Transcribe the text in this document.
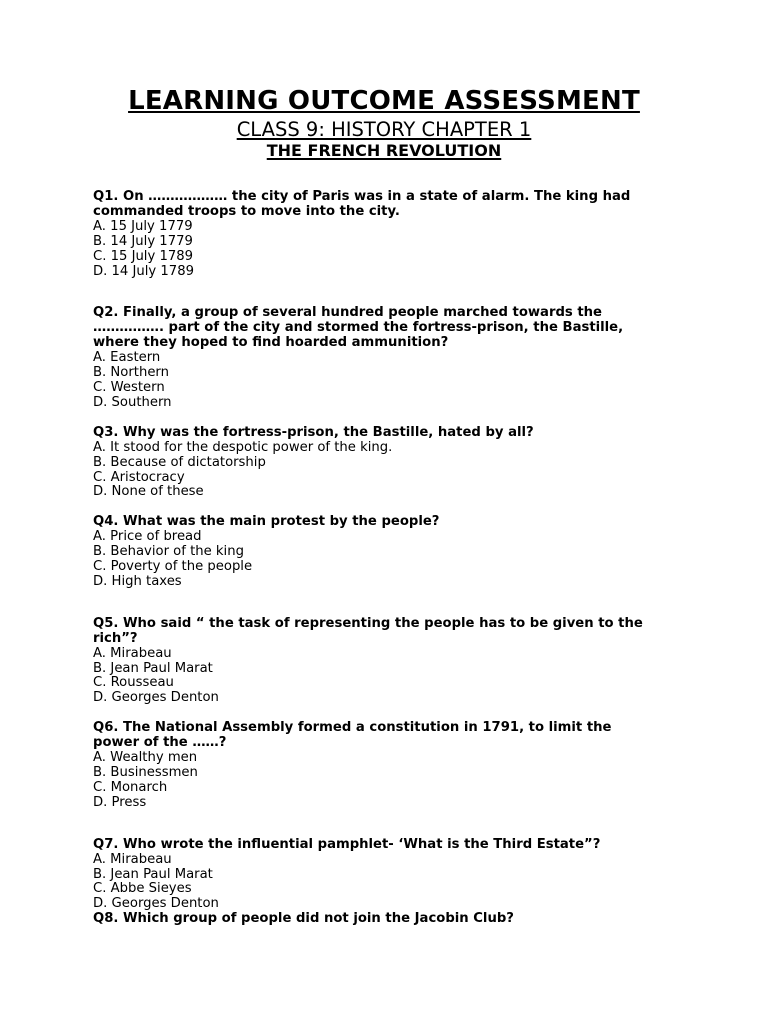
LEARNING OUTCOME ASSESSMENT
CLASS 9: HISTORY CHAPTER 1
THE FRENCH REVOLUTION
Q1. On ……………… the city of Paris was in a state of alarm. The king had
commanded troops to move into the city.
A. 15 July 1779
B. 14 July 1779
C. 15 July 1789
D. 14 July 1789
Q2. Finally, a group of several hundred people marched towards the
……………. part of the city and stormed the fortress-prison, the Bastille,
where they hoped to find hoarded ammunition?
A. Eastern
B. Northern
C. Western
D. Southern
Q3. Why was the fortress-prison, the Bastille, hated by all?
A. It stood for the despotic power of the king.
B. Because of dictatorship
C. Aristocracy
D. None of these
Q4. What was the main protest by the people?
A. Price of bread
B. Behavior of the king
C. Poverty of the people
D. High taxes
Q5. Who said “ the task of representing the people has to be given to the
rich”?
A. Mirabeau
B. Jean Paul Marat
C. Rousseau
D. Georges Denton
Q6. The National Assembly formed a constitution in 1791, to limit the
power of the ……?
A. Wealthy men
B. Businessmen
C. Monarch
D. Press
Q7. Who wrote the influential pamphlet- ‘What is the Third Estate”?
A. Mirabeau
B. Jean Paul Marat
C. Abbe Sieyes
D. Georges Denton
Q8. Which group of people did not join the Jacobin Club?
